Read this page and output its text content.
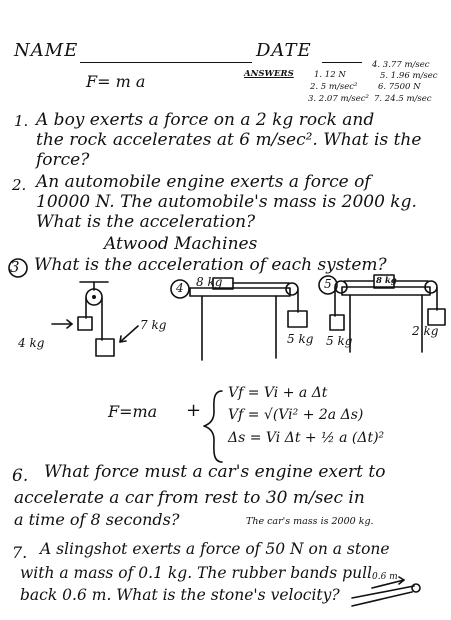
NAME	DATE
F= m a	ANSWERS 1. 12 N
2. 5 m/sec²
3. 2.07 m/sec²
4. 3.77 m/sec
5. 1.96 m/sec
6. 7500 N
7. 24.5 m/sec
1. A boy exerts a force on a 2 kg rock and
the rock accelerates at 6 m/sec². What is the
force?
2. An automobile engine exerts a force of
10000 N. The automobile's mass is 2000 kg.
What is the acceleration?
Atwood Machines
3 What is the acceleration of each system?
4 kg
7 kg
4 8 kg
5 kg
5	8 kg
5 kg
2 kg
F=ma +
Vf = Vi + a Δt
Vf = √(Vi² + 2a Δs)
Δs = Vi Δt + ½ a (Δt)²
6. What force must a car's engine exert to
accelerate a car from rest to 30 m/sec in
a time of 8 seconds?	The car's mass is 2000 kg.
7. A slingshot exerts a force of 50 N on a stone
with a mass of 0.1 kg. The rubber bands pull
back 0.6 m. What is the stone's velocity?
0.6 m
